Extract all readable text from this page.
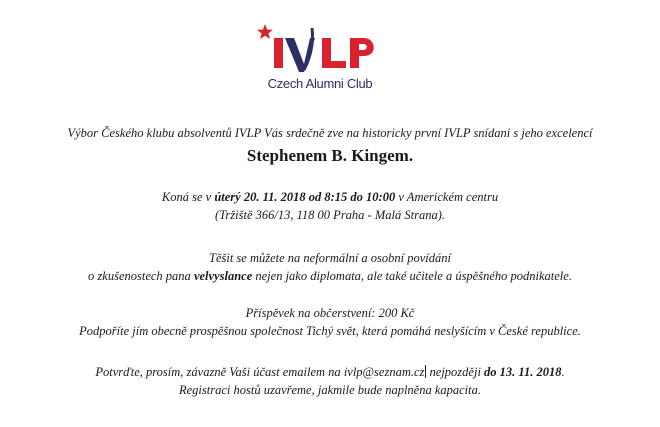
Czech Alumni Club
Výbor Českého klubu absolventů IVLP Vás srdečně zve na historicky první IVLP snídani s jeho excelencí
Stephenem B. Kingem.
Koná se v úterý 20. 11. 2018 od 8:15 do 10:00 v Americkém centru
(Tržiště 366/13, 118 00 Praha - Malá Strana).
Těšit se můžete na neformální a osobní povídání
o zkušenostech pana velvyslance nejen jako diplomata, ale také učitele a úspěšného podnikatele.
Příspěvek na občerstvení: 200 Kč
Podpoříte jím obecně prospěšnou společnost Tichý svět, která pomáhá neslyšícím v České republice.
Potvrďte, prosím, závazně Vaši účast emailem na ivlp@seznam.cz nejpozději do 13. 11. 2018.
Registraci hostů uzavřeme, jakmile bude naplněna kapacita.
